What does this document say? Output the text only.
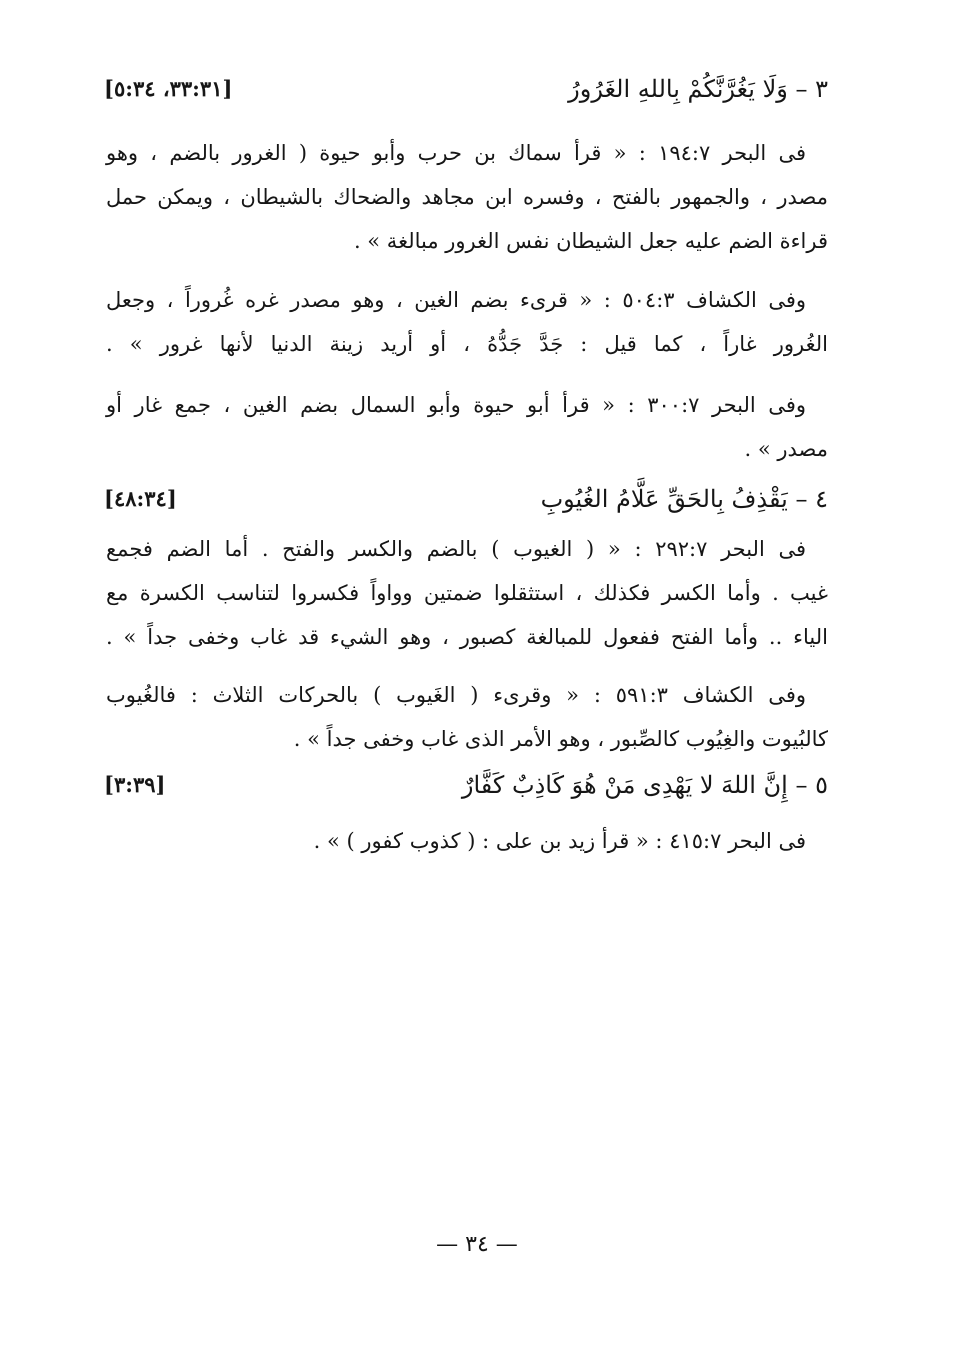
٣ – وَلَا يَغُرَّنَّكُمْ بِاللهِ الغَرُورُ
[٣٣:٣١، ٥:٣٤]
فى البحر ١٩٤:٧ : « قرأ سماك بن حرب وأبو حيوة ( الغرور بالضم ، وهو
مصدر ، والجمهور بالفتح ، وفسره ابن مجاهد والضحاك بالشيطان ، ويمكن حمل
قراءة الضم عليه جعل الشيطان نفس الغرور مبالغة » .
وفى الكشاف ٥٠٤:٣ : « قرىء بضم الغين ، وهو مصدر غره غُروراً ، وجعل
الغُرور غاراً ، كما قيل : جَدَّ جَدُّهُ ، أو أريد زينة الدنيا لأنها غرور » .
وفى البحر ٣٠٠:٧ : « قرأ أبو حيوة وأبو السمال بضم الغين ، جمع غار أو
مصدر » .
٤ – يَقْذِفُ بِالحَقِّ عَلَّامُ الغُيُوبِ
[٤٨:٣٤]
فى البحر ٢٩٢:٧ : « ( الغيوب ) بالضم والكسر والفتح . أما الضم فجمع
غيب . وأما الكسر فكذلك ، استثقلوا ضمتين وواواً فكسروا لتناسب الكسرة مع
الياء .. وأما الفتح ففعول للمبالغة كصبور ، وهو الشيء قد غاب وخفى جداً » .
وفى الكشاف ٥٩١:٣ : « وقرىء ( الغَيوب ) بالحركات الثلاث : فالغُيوب
كالبُيوت والغِيُوب كالصِّبور ، وهو الأمر الذى غاب وخفى جداً » .
٥ – إِنَّ اللهَ لا يَهْدِى مَنْ هُوَ كَاذِبٌ كَفَّارٌ
[٣:٣٩]
فى البحر ٤١٥:٧ : « قرأ زيد بن على : ( كذوب كفور ) » .
— ٣٤ —
